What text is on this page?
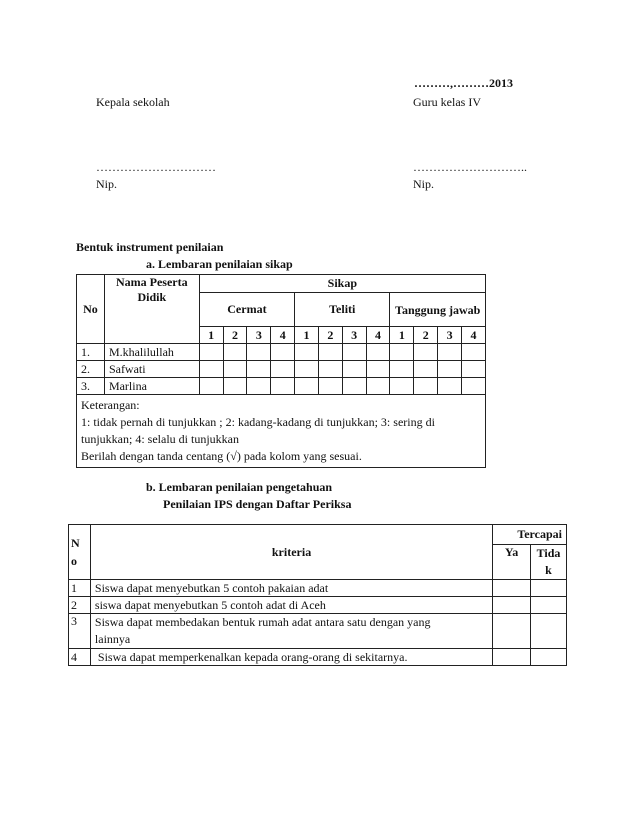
………,………2013
Kepala sekolah	Guru kelas IV
…………………………	………………………..
Nip.	Nip.
Bentuk instrument penilaian
a. Lembaran penilaian sikap
No	Nama Peserta Didik	Sikap											
		Cermat				Teliti				Tanggung jawab			
		1	2	3	4	1	2	3	4	1	2	3	4
1.	M.khalilullah												
2.	Safwati												
3.	Marlina												

Keterangan:
1: tidak pernah di tunjukkan ; 2: kadang-kadang di tunjukkan; 3: sering di
tunjukkan; 4: selalu di tunjukkan
Berilah dengan tanda centang (√) pada kolom yang sesuai.													
b. Lembaran penilaian pengetahuan
Penilaian IPS dengan Daftar Periksa
N o	kriteria	Tercapai	
		Ya	Tida k
1	Siswa dapat menyebutkan 5 contoh pakaian adat		
2	siswa dapat menyebutkan 5 contoh adat di Aceh		
3	Siswa dapat membedakan bentuk rumah adat antara satu dengan yang lainnya		
4	Siswa dapat memperkenalkan kepada orang-orang di sekitarnya.		
